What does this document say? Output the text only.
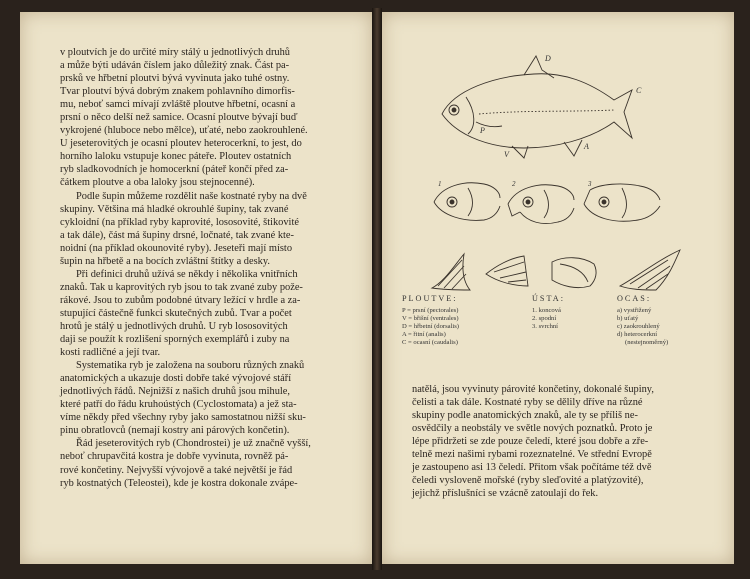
v ploutvích je do určité míry stálý u jednotlivých druhů

a může býti udáván číslem jako důležitý znak. Část pa-

prsků ve hřbetní ploutvi bývá vyvinuta jako tuhé ostny.

Tvar ploutví bývá dobrým znakem pohlavního dimorfis-

mu, neboť samci mívají zvláště ploutve hřbetní, ocasní a

prsní o něco delší než samice. Ocasní ploutve bývají buď

vykrojené (hluboce nebo mělce), uťaté, nebo zaokrouhlené.

U jeseterovitých je ocasní ploutev heterocerkní, to jest, do

horního laloku vstupuje konec páteře. Ploutev ostatních

ryb sladkovodních je homocerkní (páteř končí před za-

čátkem ploutve a oba laloky jsou stejnocenné).

Podle šupin můžeme rozdělit naše kostnaté ryby na dvě

skupiny. Většina má hladké okrouhlé šupiny, tak zvané

cykloidní (na příklad ryby kaprovité, lososovité, štikovité

a tak dále), část má šupiny drsné, ločnaté, tak zvané kte-

noidní (na příklad okounovité ryby). Jeseteři mají místo

šupin na hřbetě a na bocích zvláštní štítky a desky.

Při definici druhů užívá se někdy i několika vnitřních

znaků. Tak u kaprovitých ryb jsou to tak zvané zuby požе-

rákové. Jsou to zubům podobné útvary ležící v hrdle a za-

stupující částečně funkci skutečných zubů. Tvar a počet

hrotů je stálý u jednotlivých druhů. U ryb lososovitých

daji se použít k rozlišení sporných exemplářů i zuby na

kosti radličné a její tvar.

Systematika ryb je založena na souboru různých znaků

anatomických a ukazuje dosti dobře také vývojové stáří

jednotlivých řádů. Nejnižší z našich druhů jsou mihule,

které patří do řádu kruhoústých (Cyclostomata) a jež sta-

víme někdy před všechny ryby jako samostatnou nižší sku-

pinu obratlovců (nemají kostry ani párových končetin).

Řád jeseterovitých ryb (Chondrostei) je už značně vyšší,

neboť chrupavčitá kostra je dobře vyvinuta, rovněž pá-

rové končetiny. Nejvyšší vývojově a také největší je řád

ryb kostnatých (Teleostei), kde je kostra dokonale zvápe-

D
C
P
V
A
1	2	3
PLOUTVE:
P = prsní (pectorales)
V = břišní (ventrales)
D = hřbetní (dorsalis)
A = řitní (analis)
C = ocasní (caudalis)
ÚSTA:
1. koncová
2. spodní
3. svrchní
OCAS:
a) vystřižený
b) uťatý
c) zaokrouhlený
d) heterocerkní
(nestejnoměrný)

natělá, jsou vyvinuty párovité končetiny, dokonalé šupiny,

čelisti a tak dále. Kostnaté ryby se dělily dříve na různé

skupiny podle anatomických znaků, ale ty se příliš ne-

osvědčily a neobstály ve světle nových poznatků. Proto je

lépe přidržeti se zde pouze čeledí, které jsou dobře a zře-

telně mezi našimi rybami rozeznatelné. Ve střední Evropě

je zastoupeno asi 13 čeledí. Přitom však počítáme též dvě

čeledi vyslovеně mořské (ryby sleďovité a platýzovité),

jejichž příslušníci se vzácně zatoulají do řek.
